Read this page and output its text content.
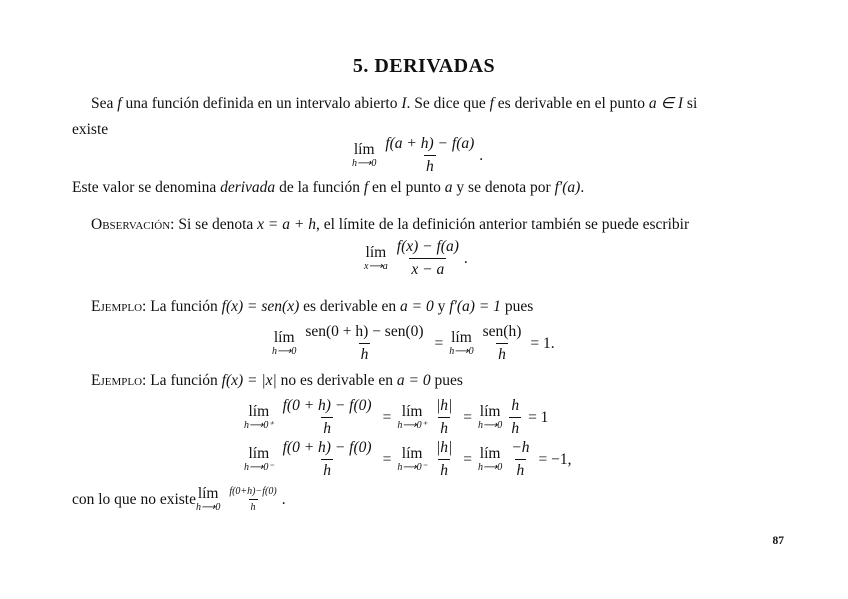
5. DERIVADAS
Sea f una función definida en un intervalo abierto I. Se dice que f es derivable en el punto a ∈ I si
existe
lím
h⟶0 $\frac{f(a + h) - f(a)}{h}$ .
Este valor se denomina derivada de la función f en el punto a y se denota por f′(a).
Observación: Si se denota x = a + h, el límite de la definición anterior también se puede escribir
lím
x⟶a $\frac{f(x) - f(a)}{x - a}$ .
Ejemplo: La función f(x) = sen(x) es derivable en a = 0 y f′(a) = 1 pues
lím
h⟶0 $\frac{\text{sen(0 + h) − sen(0)}}{h}$ = lím
h⟶0 $\frac{\text{sen(h)}}{h} = 1$.
Ejemplo: La función f(x) = |x| no es derivable en a = 0 pues
lím
h⟶0⁺ $\frac{f(0 + h) - f(0)}{h}$ = lím
h⟶0⁺ $\frac{|h|}{h}$ = lím
h⟶0 $\frac{h}{h} = 1$
lím
h⟶0⁻ $\frac{f(0 + h) - f(0)}{h}$ = lím
h⟶0⁻ $\frac{|h|}{h}$ = lím
h⟶0 $\frac{-h}{h} = -1$,
con lo que no existe lím
h⟶0 $\frac{f(0+h)-f(0)}{h}$ .
87
